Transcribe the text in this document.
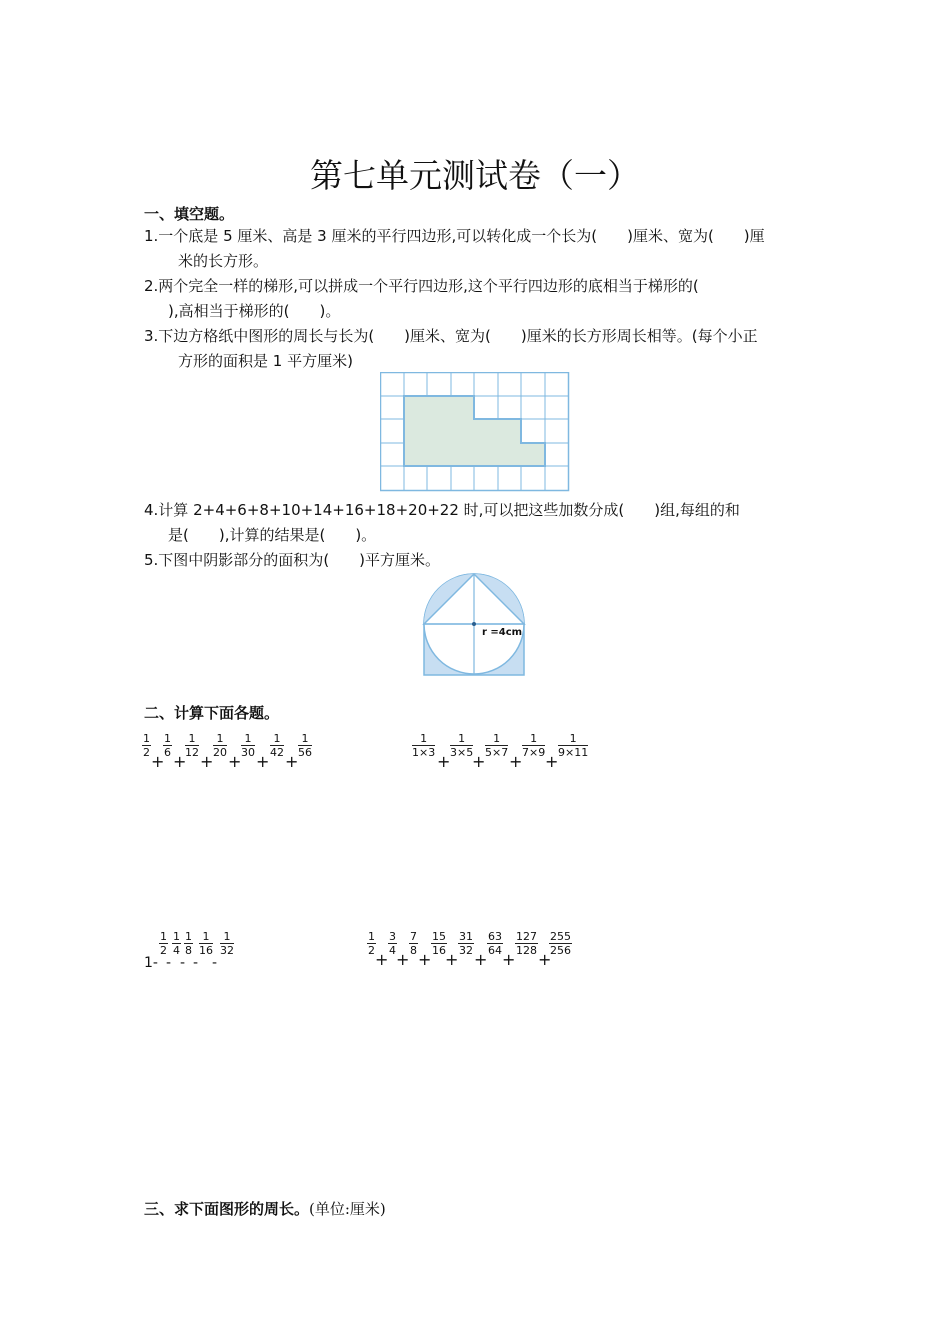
第七单元测试卷（一）
一、填空题。
1.一个底是 5 厘米、高是 3 厘米的平行四边形,可以转化成一个长为(　　)厘米、宽为(　　)厘
米的长方形。
2.两个完全一样的梯形,可以拼成一个平行四边形,这个平行四边形的底相当于梯形的(
),高相当于梯形的(　　)。
3.下边方格纸中图形的周长与长为(　　)厘米、宽为(　　)厘米的长方形周长相等。(每个小正
方形的面积是 1 平方厘米)
4.计算 2+4+6+8+10+14+16+18+20+22 时,可以把这些加数分成(　　)组,每组的和
是(　　),计算的结果是(　　)。
5.下图中阴影部分的面积为(　　)平方厘米。
r =4cm
二、计算下面各题。
$\frac{1}{2} \frac{1}{6} \frac{1}{12} \frac{1}{20} \frac{1}{30} \frac{1}{42} \frac{1}{56}$
+ + + + + +
$\frac{1}{1\times 3} \frac{1}{3\times 5} \frac{1}{5\times 7} \frac{1}{7\times 9} \frac{1}{9\times 11}$
+ + + +
1-
$\frac{1}{2} \frac{1}{4} \frac{1}{8} \frac{1}{16} \frac{1}{32}$
- - - -
$\frac{1}{2} \frac{3}{4} \frac{7}{8} \frac{15}{16} \frac{31}{32} \frac{63}{64} \frac{127}{128} \frac{255}{256}$
+ + + + + + +
三、求下面图形的周长。(单位:厘米)
